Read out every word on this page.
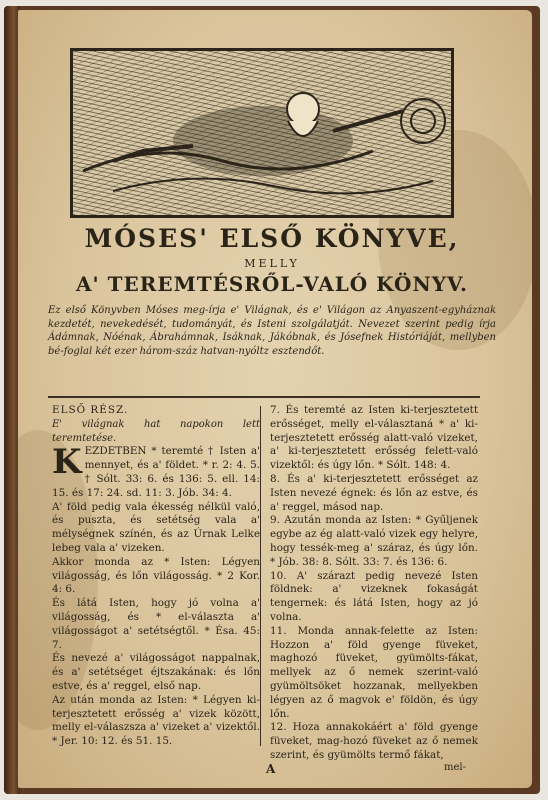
MÓSES' ELSŐ KÖNYVE,
MELLY
A' TEREMTÉSRŐL-VALÓ KÖNYV.
Ez első Könyvben Móses meg-írja e' Világnak, és e' Világon az Anyaszent-egyháznak kezdetét, nevekedését, tudományát, és Isteni szolgálatját. Nevezet szerint pedig írja Ádámnak, Nóénak, Ábrahámnak, Isáknak, Jákóbnak, és Jósefnek Históriáját, mellyben bé-foglal két ezer három-száz hatvan-nyóltz esztendőt.

ELSŐ RÉSZ.

E' világnak hat napokon lett teremtetése.

K EZDETBEN * teremté † Isten a' mennyet, és a' földet. * r. 2: 4. 5. † Sólt. 33: 6. és 136: 5. ell. 14: 15. és 17: 24. sd. 11: 3. Jób. 34: 4.

A' föld pedig vala ékesség nélkül való, és puszta, és setétség vala a' mélységnek színén, és az Úrnak Lelke lebeg vala a' vizeken.

Akkor monda az * Isten: Légyen világosság, és lőn világosság. * 2 Kor. 4: 6.

És látá Isten, hogy jó volna a' világosság, és * el-választa a' világosságot a' setétségtől. * Ésa. 45: 7.

És nevezé a' világosságot nappalnak, és a' setétséget éjtszakának: és lőn estve, és a' reggel, első nap.

Az után monda az Isten: * Légyen ki-terjesztetett erősség a' vizek között, melly el-válaszsza a' vizeket a' vizektől. * Jer. 10: 12. és 51. 15.

7. És teremté az Isten ki-terjesztetett erősséget, melly el-választaná * a' ki-terjesztetett erősség alatt-való vizeket, a' ki-terjesztetett erősség felett-való vizektől: és úgy lőn. * Sólt. 148: 4.

8. És a' ki-terjesztetett erősséget az Isten nevezé égnek: és lőn az estve, és a' reggel, másod nap.

9. Azután monda az Isten: * Gyűljenek egybe az ég alatt-való vizek egy helyre, hogy tessék-meg a' száraz, és úgy lőn. * Jób. 38: 8. Sólt. 33: 7. és 136: 6.

10. A' szárazt pedig nevezé Isten földnek: a' vizeknek fokaságát tengernek: és látá Isten, hogy az jó volna.

11. Monda annak-felette az Isten: Hozzon a' föld gyenge füveket, maghozó füveket, gyümölts-fákat, mellyek az ő nemek szerint-való gyümöltsöket hozzanak, mellyekben légyen az ő magvok e' földön, és úgy lőn.

12. Hoza annakokáért a' föld gyenge füveket, mag-hozó füveket az ő nemek szerint, és gyümölts termő fákat,

A	mel-
